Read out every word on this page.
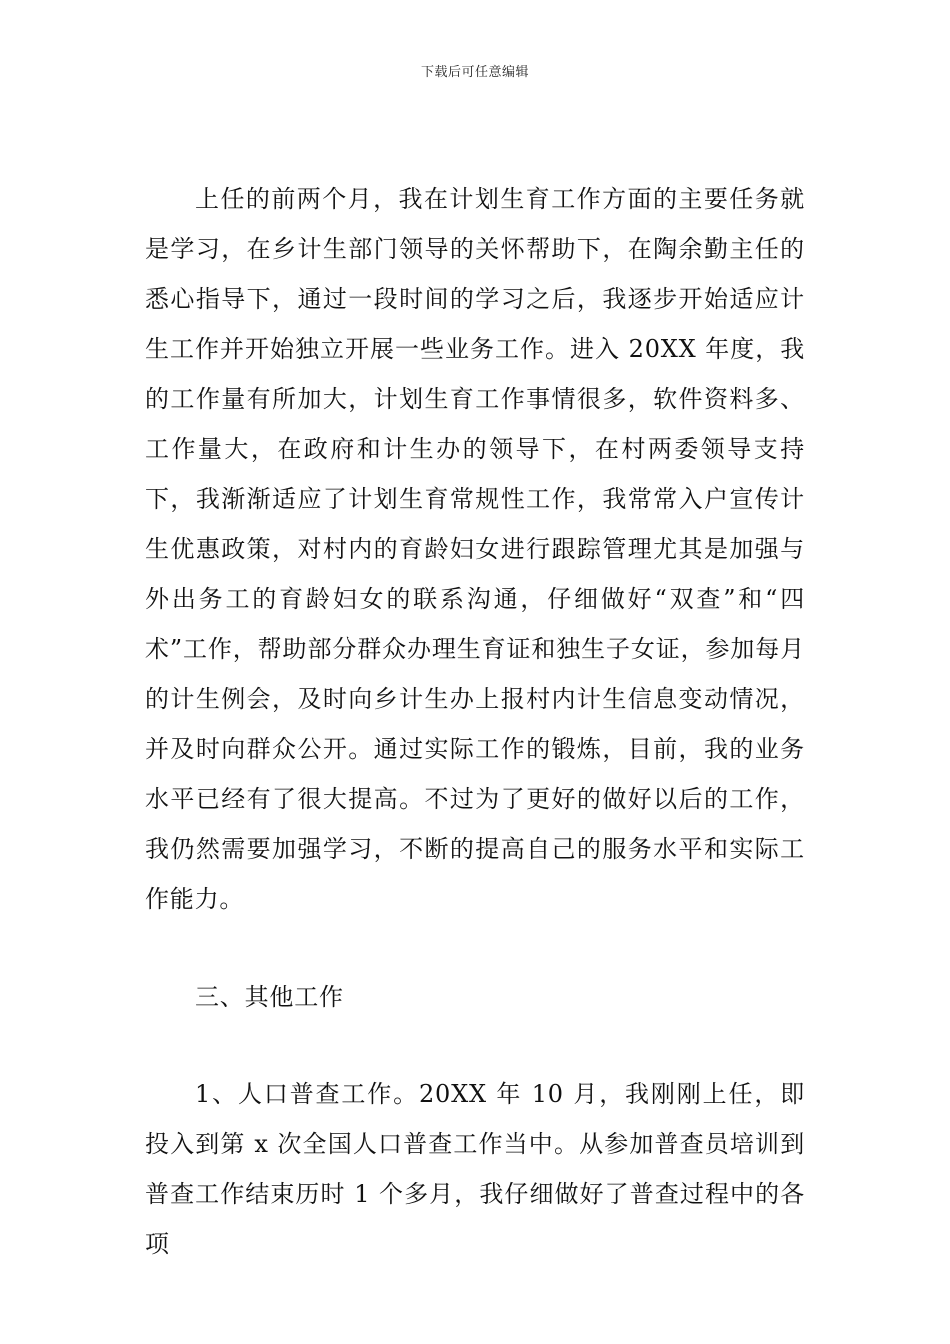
下载后可任意编辑
上任的前两个月，我在计划生育工作方面的主要任务就是学习，在乡计生部门领导的关怀帮助下，在陶余勤主任的悉心指导下，通过一段时间的学习之后，我逐步开始适应计生工作并开始独立开展一些业务工作。进入 20XX 年度，我的工作量有所加大，计划生育工作事情很多，软件资料多、工作量大，在政府和计生办的领导下，在村两委领导支持下，我渐渐适应了计划生育常规性工作，我常常入户宣传计生优惠政策，对村内的育龄妇女进行跟踪管理尤其是加强与外出务工的育龄妇女的联系沟通，仔细做好“双查”和“四术”工作，帮助部分群众办理生育证和独生子女证，参加每月的计生例会，及时向乡计生办上报村内计生信息变动情况，并及时向群众公开。通过实际工作的锻炼，目前，我的业务水平已经有了很大提高。不过为了更好的做好以后的工作，我仍然需要加强学习，不断的提高自己的服务水平和实际工作能力。
三、其他工作
1、人口普查工作。20XX 年 10 月，我刚刚上任，即投入到第 x 次全国人口普查工作当中。从参加普查员培训到普查工作结束历时 1 个多月，我仔细做好了普查过程中的各项
